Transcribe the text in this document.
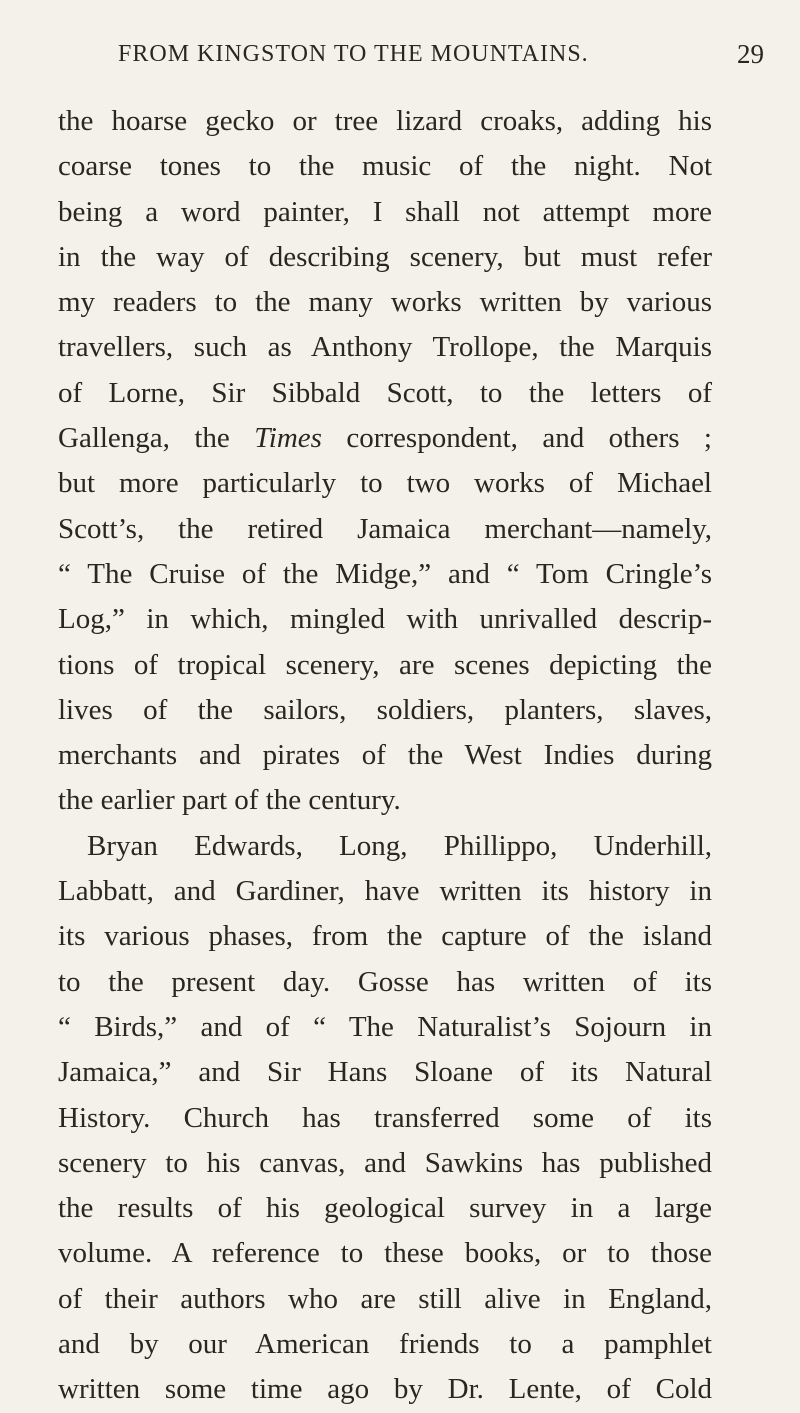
FROM KINGSTON TO THE MOUNTAINS.	29
the hoarse gecko or tree lizard croaks, adding his
coarse tones to the music of the night. Not
being a word painter, I shall not attempt more
in the way of describing scenery, but must refer
my readers to the many works written by various
travellers, such as Anthony Trollope, the Marquis
of Lorne, Sir Sibbald Scott, to the letters of
Gallenga, the Times correspondent, and others ;
but more particularly to two works of Michael
Scott’s, the retired Jamaica merchant—namely,
“ The Cruise of the Midge,” and “ Tom Cringle’s
Log,” in which, mingled with unrivalled descrip-
tions of tropical scenery, are scenes depicting the
lives of the sailors, soldiers, planters, slaves,
merchants and pirates of the West Indies during
the earlier part of the century.
Bryan Edwards, Long, Phillippo, Underhill,
Labbatt, and Gardiner, have written its history in
its various phases, from the capture of the island
to the present day. Gosse has written of its
“ Birds,” and of “ The Naturalist’s Sojourn in
Jamaica,” and Sir Hans Sloane of its Natural
History. Church has transferred some of its
scenery to his canvas, and Sawkins has published
the results of his geological survey in a large
volume. A reference to these books, or to those
of their authors who are still alive in England,
and by our American friends to a pamphlet
written some time ago by Dr. Lente, of Cold
